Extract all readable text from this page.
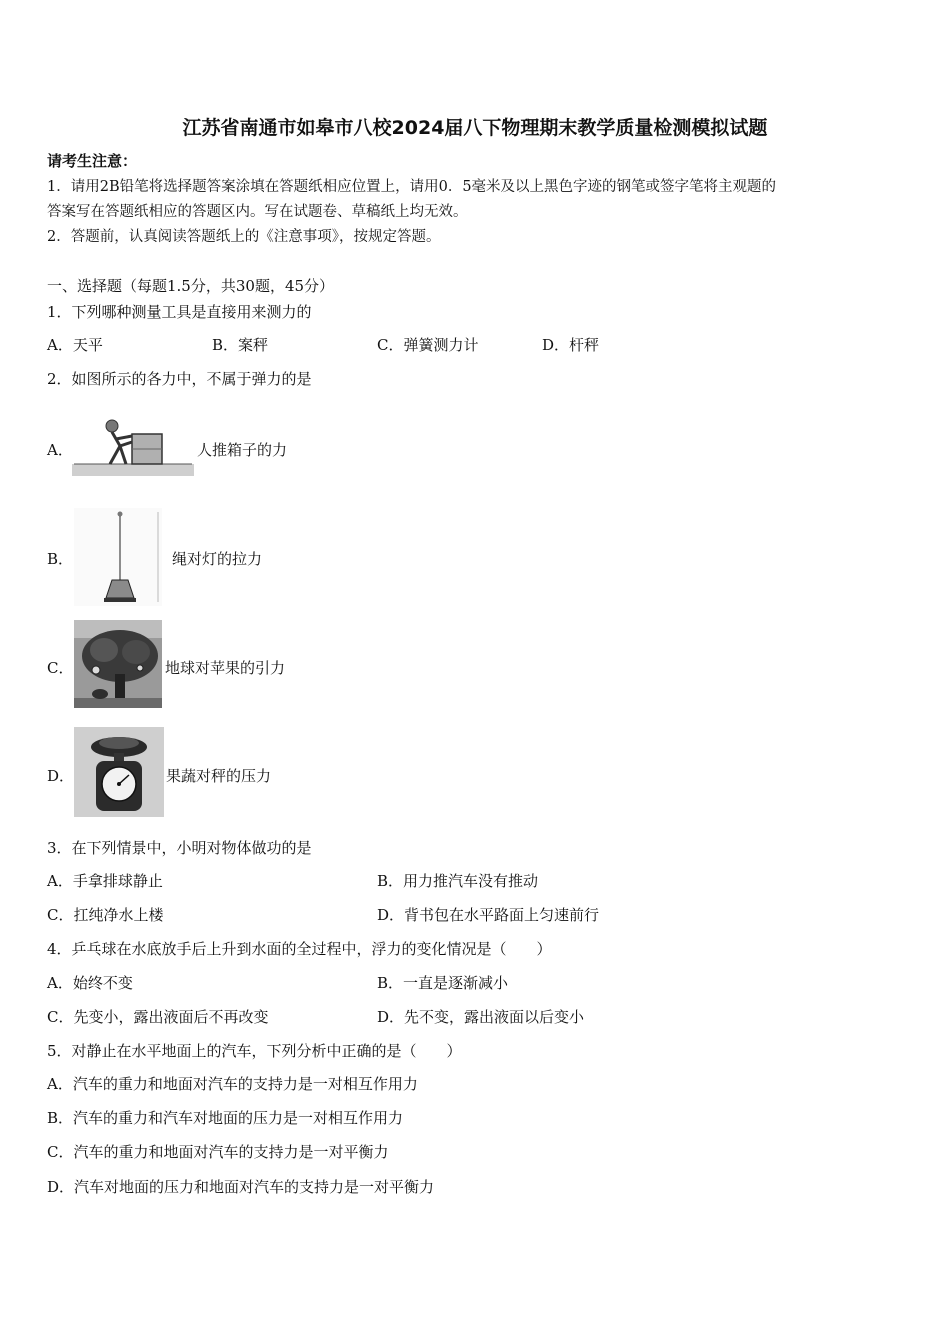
江苏省南通市如皋市八校2024届八下物理期末教学质量检测模拟试题
请考生注意：
1．请用2B铅笔将选择题答案涂填在答题纸相应位置上，请用0．5毫米及以上黑色字迹的钢笔或签字笔将主观题的
答案写在答题纸相应的答题区内。写在试题卷、草稿纸上均无效。
2．答题前，认真阅读答题纸上的《注意事项》，按规定答题。
一、选择题（每题1.5分，共30题，45分）
1．下列哪种测量工具是直接用来测力的
A．天平	B．案秤	C．弹簧测力计	D．杆秤
2．如图所示的各力中，不属于弹力的是
A．	人推箱子的力
B．	绳对灯的拉力
C．	地球对苹果的引力
D．	果蔬对秤的压力
3．在下列情景中，小明对物体做功的是
A．手拿排球静止	B．用力推汽车没有推动
C．扛纯净水上楼	D．背书包在水平路面上匀速前行
4．乒乓球在水底放手后上升到水面的全过程中，浮力的变化情况是（　　）
A．始终不变	B．一直是逐渐减小
C．先变小，露出液面后不再改变	D．先不变，露出液面以后变小
5．对静止在水平地面上的汽车，下列分析中正确的是（　　）
A．汽车的重力和地面对汽车的支持力是一对相互作用力
B．汽车的重力和汽车对地面的压力是一对相互作用力
C．汽车的重力和地面对汽车的支持力是一对平衡力
D．汽车对地面的压力和地面对汽车的支持力是一对平衡力
